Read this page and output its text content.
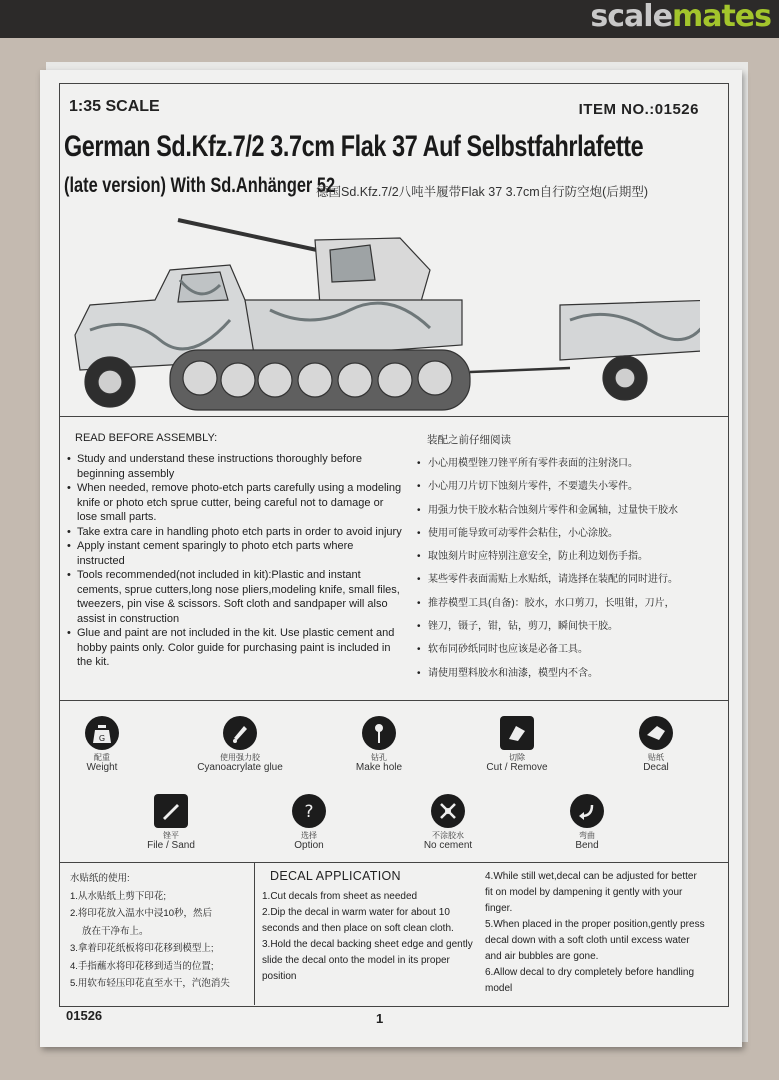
scalemates
1:35 SCALE	ITEM NO.:01526
German Sd.Kfz.7/2 3.7cm Flak 37 Auf Selbstfahrlafette
(late version) With Sd.Anhänger 52
德国Sd.Kfz.7/2八吨半履带Flak 37 3.7cm自行防空炮(后期型)
READ BEFORE ASSEMBLY:	装配之前仔细阅读
• Study and understand these instructions thoroughly before beginning assembly
• When needed, remove photo-etch parts carefully using a modeling knife or photo etch sprue cutter, being careful not to damage or lose small parts.
• Take extra care in handling photo etch parts in order to avoid injury
• Apply instant cement sparingly to photo etch parts where instructed
• Tools recommended(not included in kit):Plastic and instant cements, sprue cutters,long nose pliers,modeling knife, small files, tweezers, pin vise & scissors. Soft cloth and sandpaper will also assist in construction
• Glue and paint are not included in the kit. Use plastic cement and hobby paints only. Color guide for purchasing paint is included in the kit.
• 小心用模型锉刀锉平所有零件表面的注射浇口。
• 小心用刀片切下蚀刻片零件，不要遗失小零件。
• 用强力快干胶水粘合蚀刻片零件和金属轴，过量快干胶水
• 使用可能导致可动零件会粘住，小心涂胶。
• 取蚀刻片时应特别注意安全，防止利边划伤手指。
• 某些零件表面需贴上水贴纸，请选择在装配的同时进行。
• 推荐模型工具(自备)：胶水，水口剪刀，长咀钳，刀片，
• 锉刀，镊子，钳，钻，剪刀，瞬间快干胶。
• 软布同砂纸同时也应该是必备工具。
• 请使用塑料胶水和油漆，模型内不含。
G
配重
Weight
使用强力胶
Cyanoacrylate glue
钻孔
Make hole
切除
Cut / Remove
贴纸
Decal
锉平
File / Sand
?
选择
Option
不涂胶水
No cement
弯曲
Bend
水贴纸的使用:
1.从水贴纸上剪下印花;
2.将印花放入温水中浸10秒，然后
放在干净布上。
3.拿着印花纸板将印花移到模型上;
4.手指蘸水将印花移到适当的位置;
5.用软布轻压印花直至水干，汽泡消失
DECAL APPLICATION

1.Cut decals from sheet as needed

2.Dip the decal in warm water for about 10 seconds and then place on soft clean cloth.

3.Hold the decal backing sheet edge and gently slide the decal onto the model in its proper position

4.While still wet,decal can be adjusted for better fit on model by dampening it gently with your finger.

5.When placed in the proper position,gently press decal down with a soft cloth until excess water and air bubbles are gone.

6.Allow decal to dry completely before handling model

01526	1
